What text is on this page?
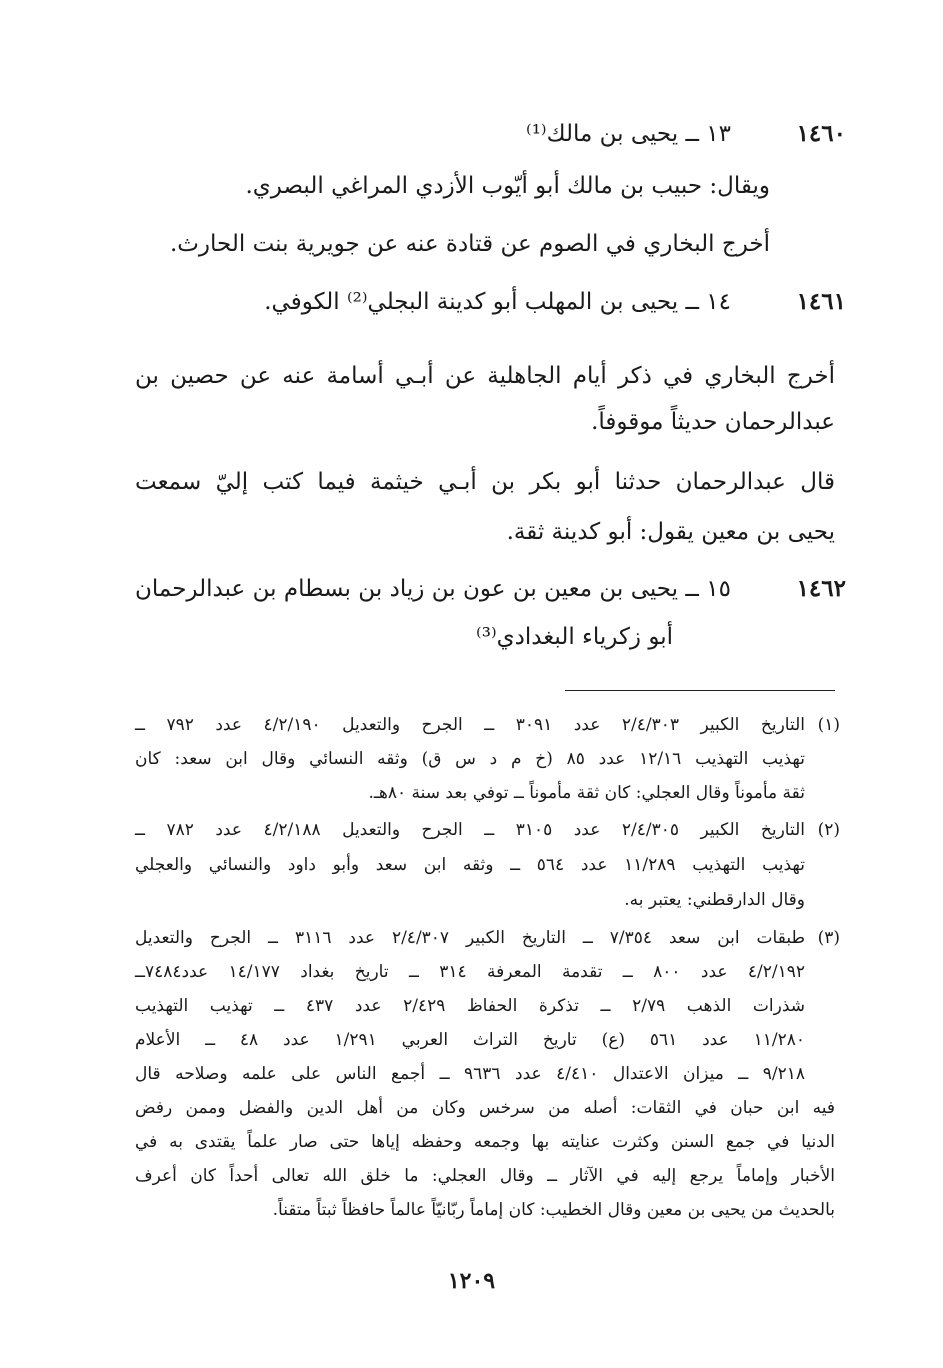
١٤٦٠
١٣ ــ يحيى بن مالك⁽¹⁾
ويقال: حبيب بن مالك أبو أيّوب الأزدي المراغي البصري.
أخرج البخاري في الصوم عن قتادة عنه عن جويرية بنت الحارث.
١٤٦١
١٤ ــ يحيى بن المهلب أبو كدينة البجلي⁽²⁾ الكوفي.
أخرج البخاري في ذكر أيام الجاهلية عن أبـي أسامة عنه عن حصين بن
عبدالرحمان حديثاً موقوفاً.
قال عبدالرحمان حدثنا أبو بكر بن أبـي خيثمة فيما كتب إليّ سمعت
يحيى بن معين يقول: أبو كدينة ثقة.
١٤٦٢
١٥ ــ يحيى بن معين بن عون بن زياد بن بسطام بن عبدالرحمان
أبو زكرياء البغدادي⁽³⁾
(١)
التاريخ الكبير ٢/٤/٣٠٣ عدد ٣٠٩١ ــ الجرح والتعديل ٤/٢/١٩٠ عدد ٧٩٢ ــ
تهذيب التهذيب ١٢/١٦ عدد ٨٥ (خ م د س ق) وثقه النسائي وقال ابن سعد: كان
ثقة مأموناً وقال العجلي: كان ثقة مأموناً ــ توفي بعد سنة ٨٠هـ.
(٢)
التاريخ الكبير ٢/٤/٣٠٥ عدد ٣١٠٥ ــ الجرح والتعديل ٤/٢/١٨٨ عدد ٧٨٢ ــ
تهذيب التهذيب ١١/٢٨٩ عدد ٥٦٤ ــ وثقه ابن سعد وأبو داود والنسائي والعجلي
وقال الدارقطني: يعتبر به.
(٣)
طبقات ابن سعد ٧/٣٥٤ ــ التاريخ الكبير ٢/٤/٣٠٧ عدد ٣١١٦ ــ الجرح والتعديل
٤/٢/١٩٢ عدد ٨٠٠ ــ تقدمة المعرفة ٣١٤ ــ تاريخ بغداد ١٤/١٧٧ عدد٧٤٨٤ــ
شذرات الذهب ٢/٧٩ ــ تذكرة الحفاظ ٢/٤٢٩ عدد ٤٣٧ ــ تهذيب التهذيب
١١/٢٨٠ عدد ٥٦١ (ع) تاريخ التراث العربي ١/٢٩١ عدد ٤٨ ــ الأعلام
٩/٢١٨ ــ ميزان الاعتدال ٤/٤١٠ عدد ٩٦٣٦ ــ أجمع الناس على علمه وصلاحه قال
فيه ابن حبان في الثقات: أصله من سرخس وكان من أهل الدين والفضل وممن رفض
الدنيا في جمع السنن وكثرت عنايته بها وجمعه وحفظه إياها حتى صار علماً يقتدى به في
الأخبار وإماماً يرجع إليه في الآثار ــ وقال العجلي: ما خلق الله تعالى أحداً كان أعرف
بالحديث من يحيى بن معين وقال الخطيب: كان إماماً ربّانيّاً عالماً حافظاً ثبتاً متقناً.
١٢٠٩
